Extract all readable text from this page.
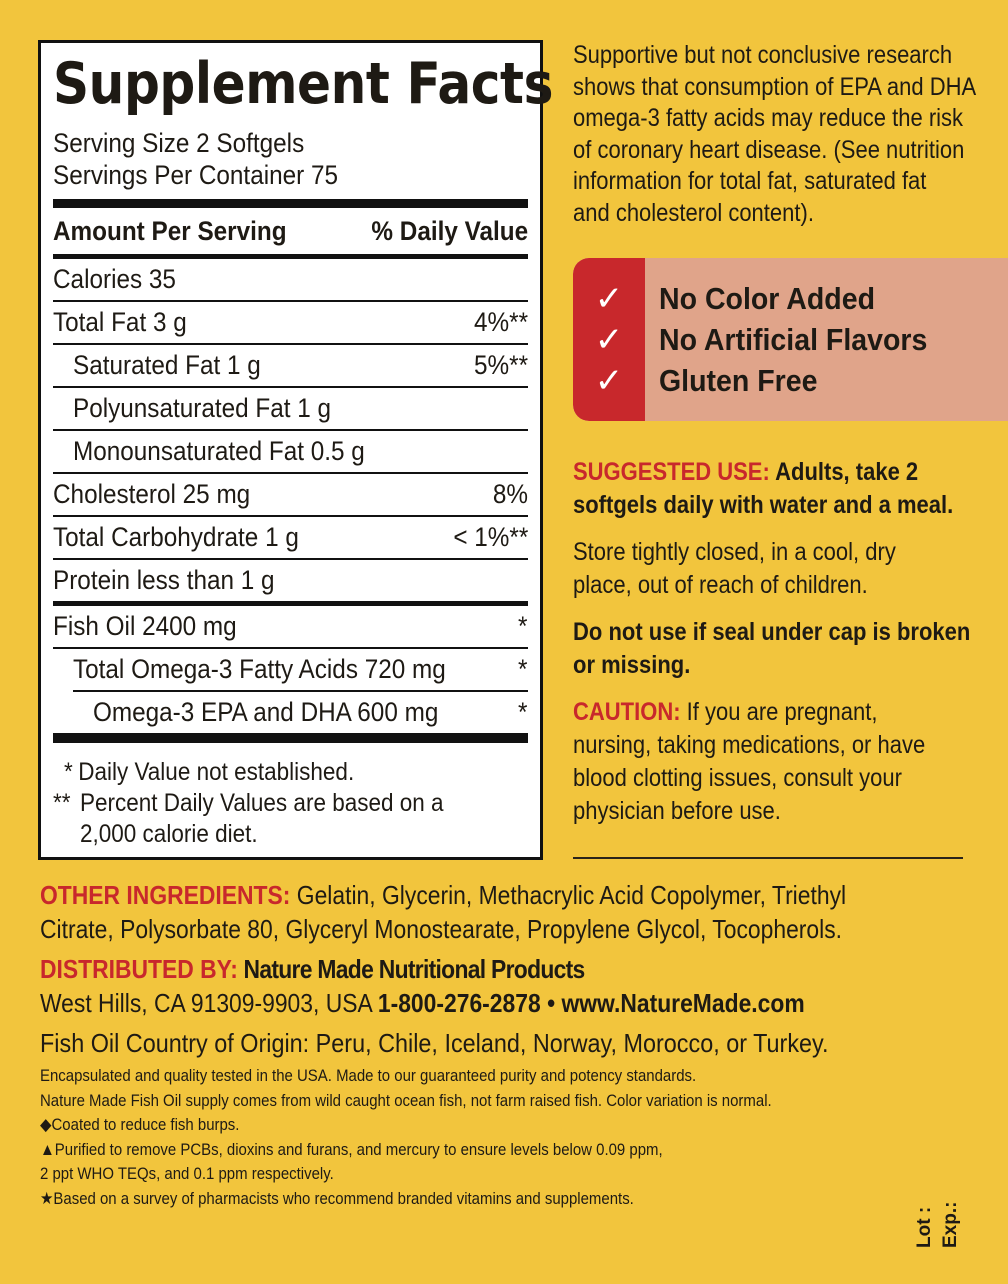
Supplement Facts
Serving Size 2 Softgels
Servings Per Container 75
Amount Per Serving	% Daily Value
Calories 35
Total Fat 3 g	4%**
Saturated Fat 1 g	5%**
Polyunsaturated Fat 1 g
Monounsaturated Fat 0.5 g
Cholesterol 25 mg	8%
Total Carbohydrate 1 g	< 1%**
Protein less than 1 g
Fish Oil 2400 mg	*
Total Omega-3 Fatty Acids 720 mg	*
Omega-3 EPA and DHA 600 mg	*
* Daily Value not established.
** Percent Daily Values are based on a
2,000 calorie diet.
Supportive but not conclusive research
shows that consumption of EPA and DHA
omega-3 fatty acids may reduce the risk
of coronary heart disease. (See nutrition
information for total fat, saturated fat
and cholesterol content).
✓	No Color Added
✓	No Artificial Flavors
✓	Gluten Free
SUGGESTED USE: Adults, take 2
softgels daily with water and a meal.
Store tightly closed, in a cool, dry
place, out of reach of children.
Do not use if seal under cap is broken
or missing.
CAUTION: If you are pregnant,
nursing, taking medications, or have
blood clotting issues, consult your
physician before use.
OTHER INGREDIENTS: Gelatin, Glycerin, Methacrylic Acid Copolymer, Triethyl
Citrate, Polysorbate 80, Glyceryl Monostearate, Propylene Glycol, Tocopherols.
DISTRIBUTED BY: Nature Made Nutritional Products
West Hills, CA 91309-9903, USA 1-800-276-2878 • www.NatureMade.com
Fish Oil Country of Origin: Peru, Chile, Iceland, Norway, Morocco, or Turkey.
Encapsulated and quality tested in the USA. Made to our guaranteed purity and potency standards.
Nature Made Fish Oil supply comes from wild caught ocean fish, not farm raised fish. Color variation is normal.
◆Coated to reduce fish burps.
▲Purified to remove PCBs, dioxins and furans, and mercury to ensure levels below 0.09 ppm,
2 ppt WHO TEQs, and 0.1 ppm respectively.
★Based on a survey of pharmacists who recommend branded vitamins and supplements.
Lot : Exp.:
